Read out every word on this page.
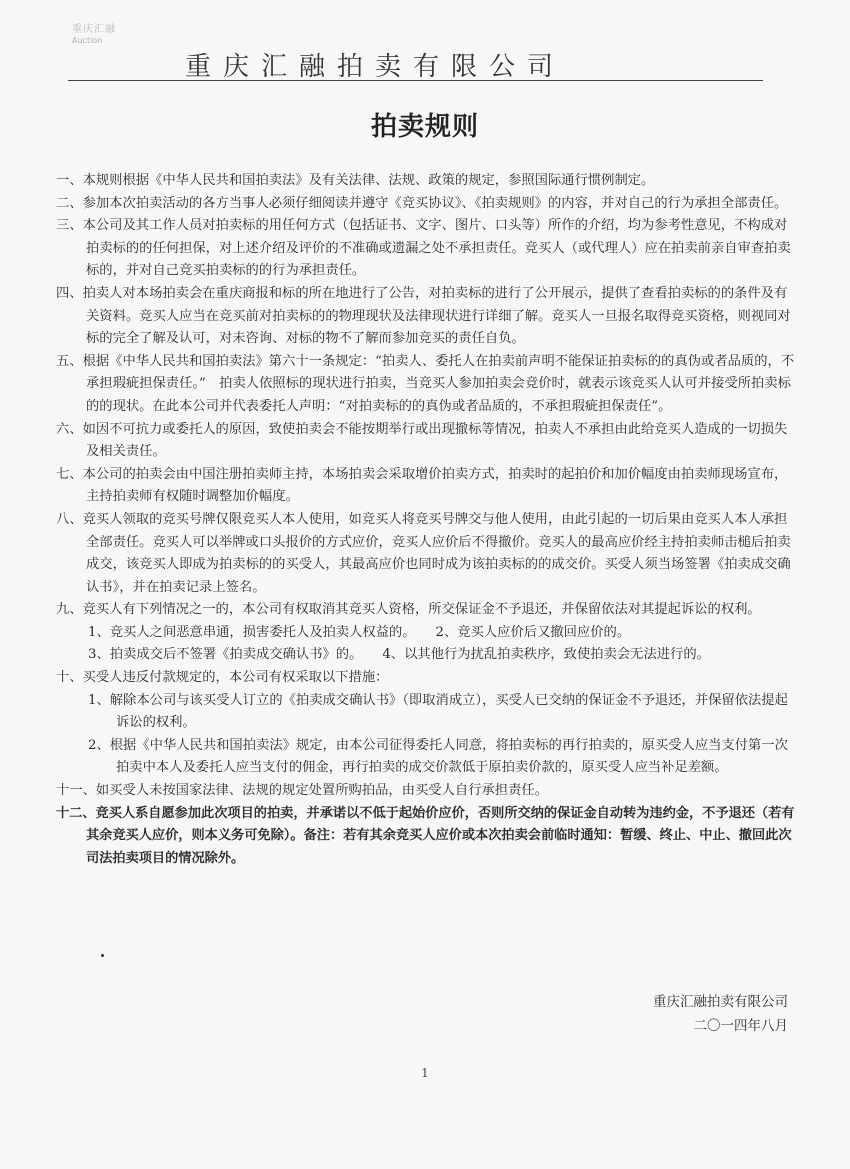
重庆汇融
Auction
重庆汇融拍卖有限公司
拍卖规则

一、本规则根据《中华人民共和国拍卖法》及有关法律、法规、政策的规定，参照国际通行惯例制定。

二、参加本次拍卖活动的各方当事人必须仔细阅读并遵守《竞买协议》、《拍卖规则》的内容，并对自己的行为承担全部责任。

三、本公司及其工作人员对拍卖标的用任何方式（包括证书、文字、图片、口头等）所作的介绍，均为参考性意见，不构成对拍卖标的的任何担保，对上述介绍及评价的不准确或遗漏之处不承担责任。竞买人（或代理人）应在拍卖前亲自审查拍卖标的，并对自己竞买拍卖标的的行为承担责任。

四、拍卖人对本场拍卖会在重庆商报和标的所在地进行了公告，对拍卖标的进行了公开展示，提供了查看拍卖标的的条件及有关资料。竞买人应当在竞买前对拍卖标的的物理现状及法律现状进行详细了解。竞买人一旦报名取得竞买资格，则视同对标的完全了解及认可，对未咨询、对标的物不了解而参加竞买的责任自负。

五、根据《中华人民共和国拍卖法》第六十一条规定：“拍卖人、委托人在拍卖前声明不能保证拍卖标的的真伪或者品质的，不承担瑕疵担保责任。”　拍卖人依照标的现状进行拍卖，当竞买人参加拍卖会竞价时，就表示该竞买人认可并接受所拍卖标的的现状。在此本公司并代表委托人声明：“对拍卖标的的真伪或者品质的，不承担瑕疵担保责任”。

六、如因不可抗力或委托人的原因，致使拍卖会不能按期举行或出现撤标等情况，拍卖人不承担由此给竞买人造成的一切损失及相关责任。

七、本公司的拍卖会由中国注册拍卖师主持，本场拍卖会采取增价拍卖方式，拍卖时的起拍价和加价幅度由拍卖师现场宣布，主持拍卖师有权随时调整加价幅度。

八、竞买人领取的竞买号牌仅限竞买人本人使用，如竞买人将竞买号牌交与他人使用，由此引起的一切后果由竞买人本人承担全部责任。竞买人可以举牌或口头报价的方式应价，竞买人应价后不得撤价。竞买人的最高应价经主持拍卖师击槌后拍卖成交，该竞买人即成为拍卖标的的买受人，其最高应价也同时成为该拍卖标的的成交价。买受人须当场签署《拍卖成交确认书》，并在拍卖记录上签名。

九、竞买人有下列情况之一的，本公司有权取消其竞买人资格，所交保证金不予退还，并保留依法对其提起诉讼的权利。

1、竞买人之间恶意串通，损害委托人及拍卖人权益的。　　2、竞买人应价后又撤回应价的。

3、拍卖成交后不签署《拍卖成交确认书》的。　　4、以其他行为扰乱拍卖秩序，致使拍卖会无法进行的。

十、买受人违反付款规定的，本公司有权采取以下措施：

1、解除本公司与该买受人订立的《拍卖成交确认书》（即取消成立），买受人已交纳的保证金不予退还，并保留依法提起诉讼的权利。

2、根据《中华人民共和国拍卖法》规定，由本公司征得委托人同意，将拍卖标的再行拍卖的，原买受人应当支付第一次拍卖中本人及委托人应当支付的佣金，再行拍卖的成交价款低于原拍卖价款的，原买受人应当补足差额。

十一、如买受人未按国家法律、法规的规定处置所购拍品，由买受人自行承担责任。

十二、竞买人系自愿参加此次项目的拍卖，并承诺以不低于起始价应价，否则所交纳的保证金自动转为违约金，不予退还（若有其余竞买人应价，则本义务可免除）。备注：若有其余竞买人应价或本次拍卖会前临时通知：暂缓、终止、中止、撤回此次司法拍卖项目的情况除外。

重庆汇融拍卖有限公司
二〇一四年八月
1
